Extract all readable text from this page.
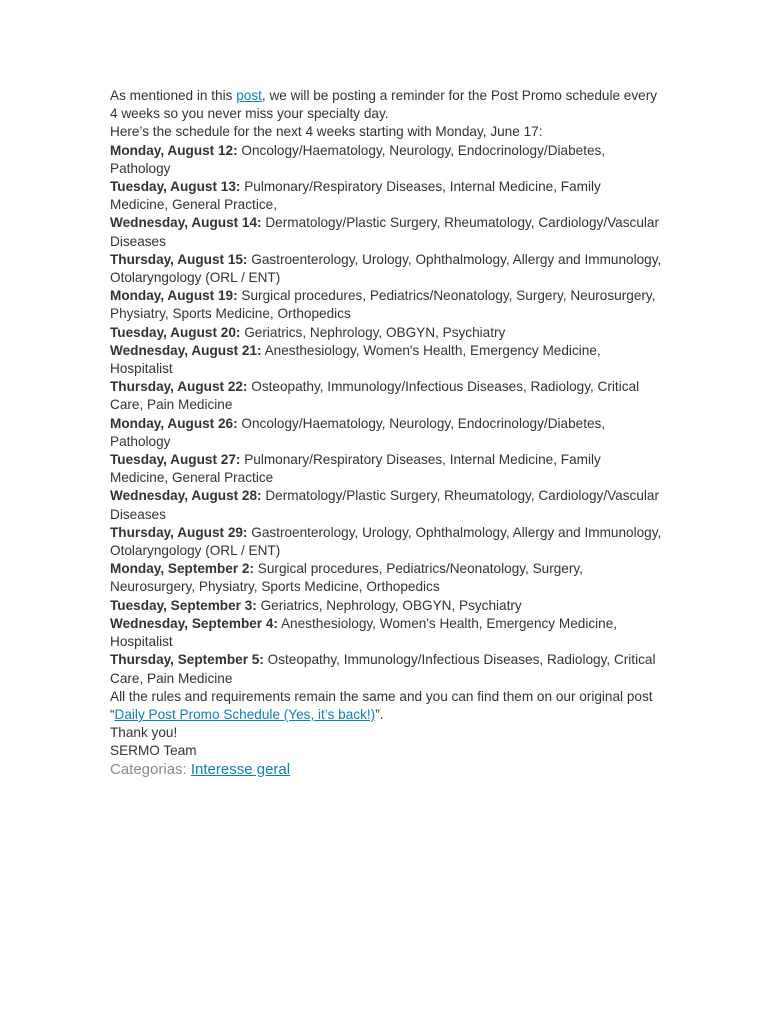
As mentioned in this post, we will be posting a reminder for the Post Promo schedule every 4 weeks so you never miss your specialty day.

Here’s the schedule for the next 4 weeks starting with Monday, June 17:

Monday, August 12: Oncology/Haematology, Neurology, Endocrinology/Diabetes, Pathology

Tuesday, August 13: Pulmonary/Respiratory Diseases, Internal Medicine, Family Medicine, General Practice,

Wednesday, August 14: Dermatology/Plastic Surgery, Rheumatology, Cardiology/Vascular Diseases

Thursday, August 15: Gastroenterology, Urology, Ophthalmology, Allergy and Immunology, Otolaryngology (ORL / ENT)

Monday, August 19: Surgical procedures, Pediatrics/Neonatology, Surgery, Neurosurgery, Physiatry, Sports Medicine, Orthopedics

Tuesday, August 20: Geriatrics, Nephrology, OBGYN, Psychiatry

Wednesday, August 21: Anesthesiology, Women's Health, Emergency Medicine, Hospitalist

Thursday, August 22: Osteopathy, Immunology/Infectious Diseases, Radiology, Critical Care, Pain Medicine

Monday, August 26: Oncology/Haematology, Neurology, Endocrinology/Diabetes, Pathology

Tuesday, August 27: Pulmonary/Respiratory Diseases, Internal Medicine, Family Medicine, General Practice

Wednesday, August 28: Dermatology/Plastic Surgery, Rheumatology, Cardiology/Vascular Diseases

Thursday, August 29: Gastroenterology, Urology, Ophthalmology, Allergy and Immunology, Otolaryngology (ORL / ENT)

Monday, September 2: Surgical procedures, Pediatrics/Neonatology, Surgery, Neurosurgery, Physiatry, Sports Medicine, Orthopedics

Tuesday, September 3: Geriatrics, Nephrology, OBGYN, Psychiatry

Wednesday, September 4: Anesthesiology, Women's Health, Emergency Medicine, Hospitalist

Thursday, September 5: Osteopathy, Immunology/Infectious Diseases, Radiology, Critical Care, Pain Medicine

All the rules and requirements remain the same and you can find them on our original post
“Daily Post Promo Schedule (Yes, it’s back!)”.

Thank you!

SERMO Team

Categorias: Interesse geral
